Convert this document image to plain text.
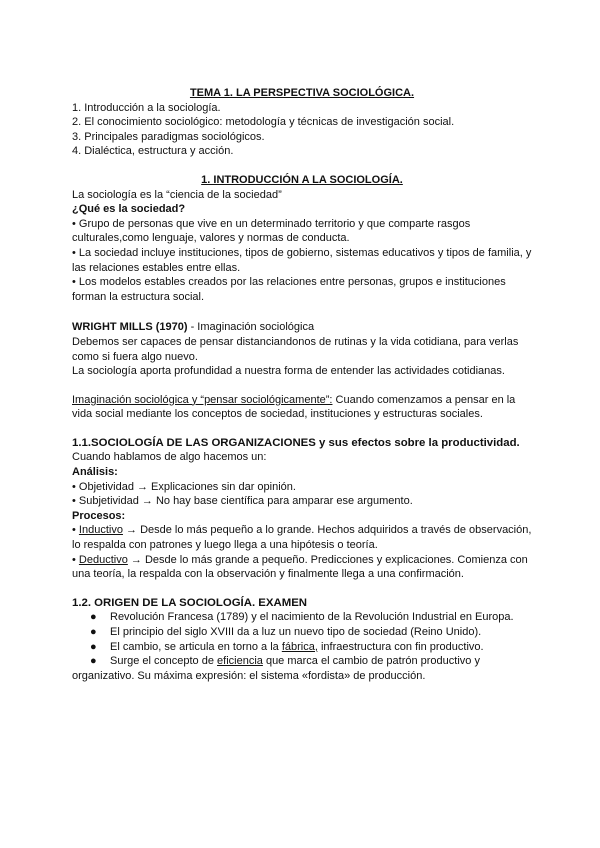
TEMA 1. LA PERSPECTIVA SOCIOLÓGICA.

1. Introducción a la sociología.

2. El conocimiento sociológico: metodología y técnicas de investigación social.

3. Principales paradigmas sociológicos.

4. Dialéctica, estructura y acción.

1. INTRODUCCIÓN A LA SOCIOLOGÍA.

La sociología es la “ciencia de la sociedad”

¿Qué es la sociedad?

• Grupo de personas que vive en un determinado territorio y que comparte rasgos culturales,como lenguaje, valores y normas de conducta.

• La sociedad incluye instituciones, tipos de gobierno, sistemas educativos y tipos de familia, y las relaciones estables entre ellas.

• Los modelos estables creados por las relaciones entre personas, grupos e instituciones forman la estructura social.

WRIGHT MILLS (1970) - Imaginación sociológica

Debemos ser capaces de pensar distanciandonos de rutinas y la vida cotidiana, para verlas como si fuera algo nuevo.

La sociología aporta profundidad a nuestra forma de entender las actividades cotidianas.

Imaginación sociológica y “pensar sociológicamente”: Cuando comenzamos a pensar en la vida social mediante los conceptos de sociedad, instituciones y estructuras sociales.

1.1.SOCIOLOGÍA DE LAS ORGANIZACIONES y sus efectos sobre la productividad.

Cuando hablamos de algo hacemos un:

Análisis:

• Objetividad → Explicaciones sin dar opinión.

• Subjetividad → No hay base científica para amparar ese argumento.

Procesos:

• Inductivo → Desde lo más pequeño a lo grande. Hechos adquiridos a través de observación, lo respalda con patrones y luego llega a una hipótesis o teoría.

• Deductivo → Desde lo más grande a pequeño. Predicciones y explicaciones. Comienza con una teoría, la respalda con la observación y finalmente llega a una confirmación.

1.2. ORIGEN DE LA SOCIOLOGÍA. EXAMEN

● Revolución Francesa (1789) y el nacimiento de la Revolución Industrial en Europa.
● El principio del siglo XVIII da a luz un nuevo tipo de sociedad (Reino Unido).
● El cambio, se articula en torno a la fábrica, infraestructura con fin productivo.
● Surge el concepto de eficiencia que marca el cambio de patrón productivo y
organizativo. Su máxima expresión: el sistema «fordista» de producción.
